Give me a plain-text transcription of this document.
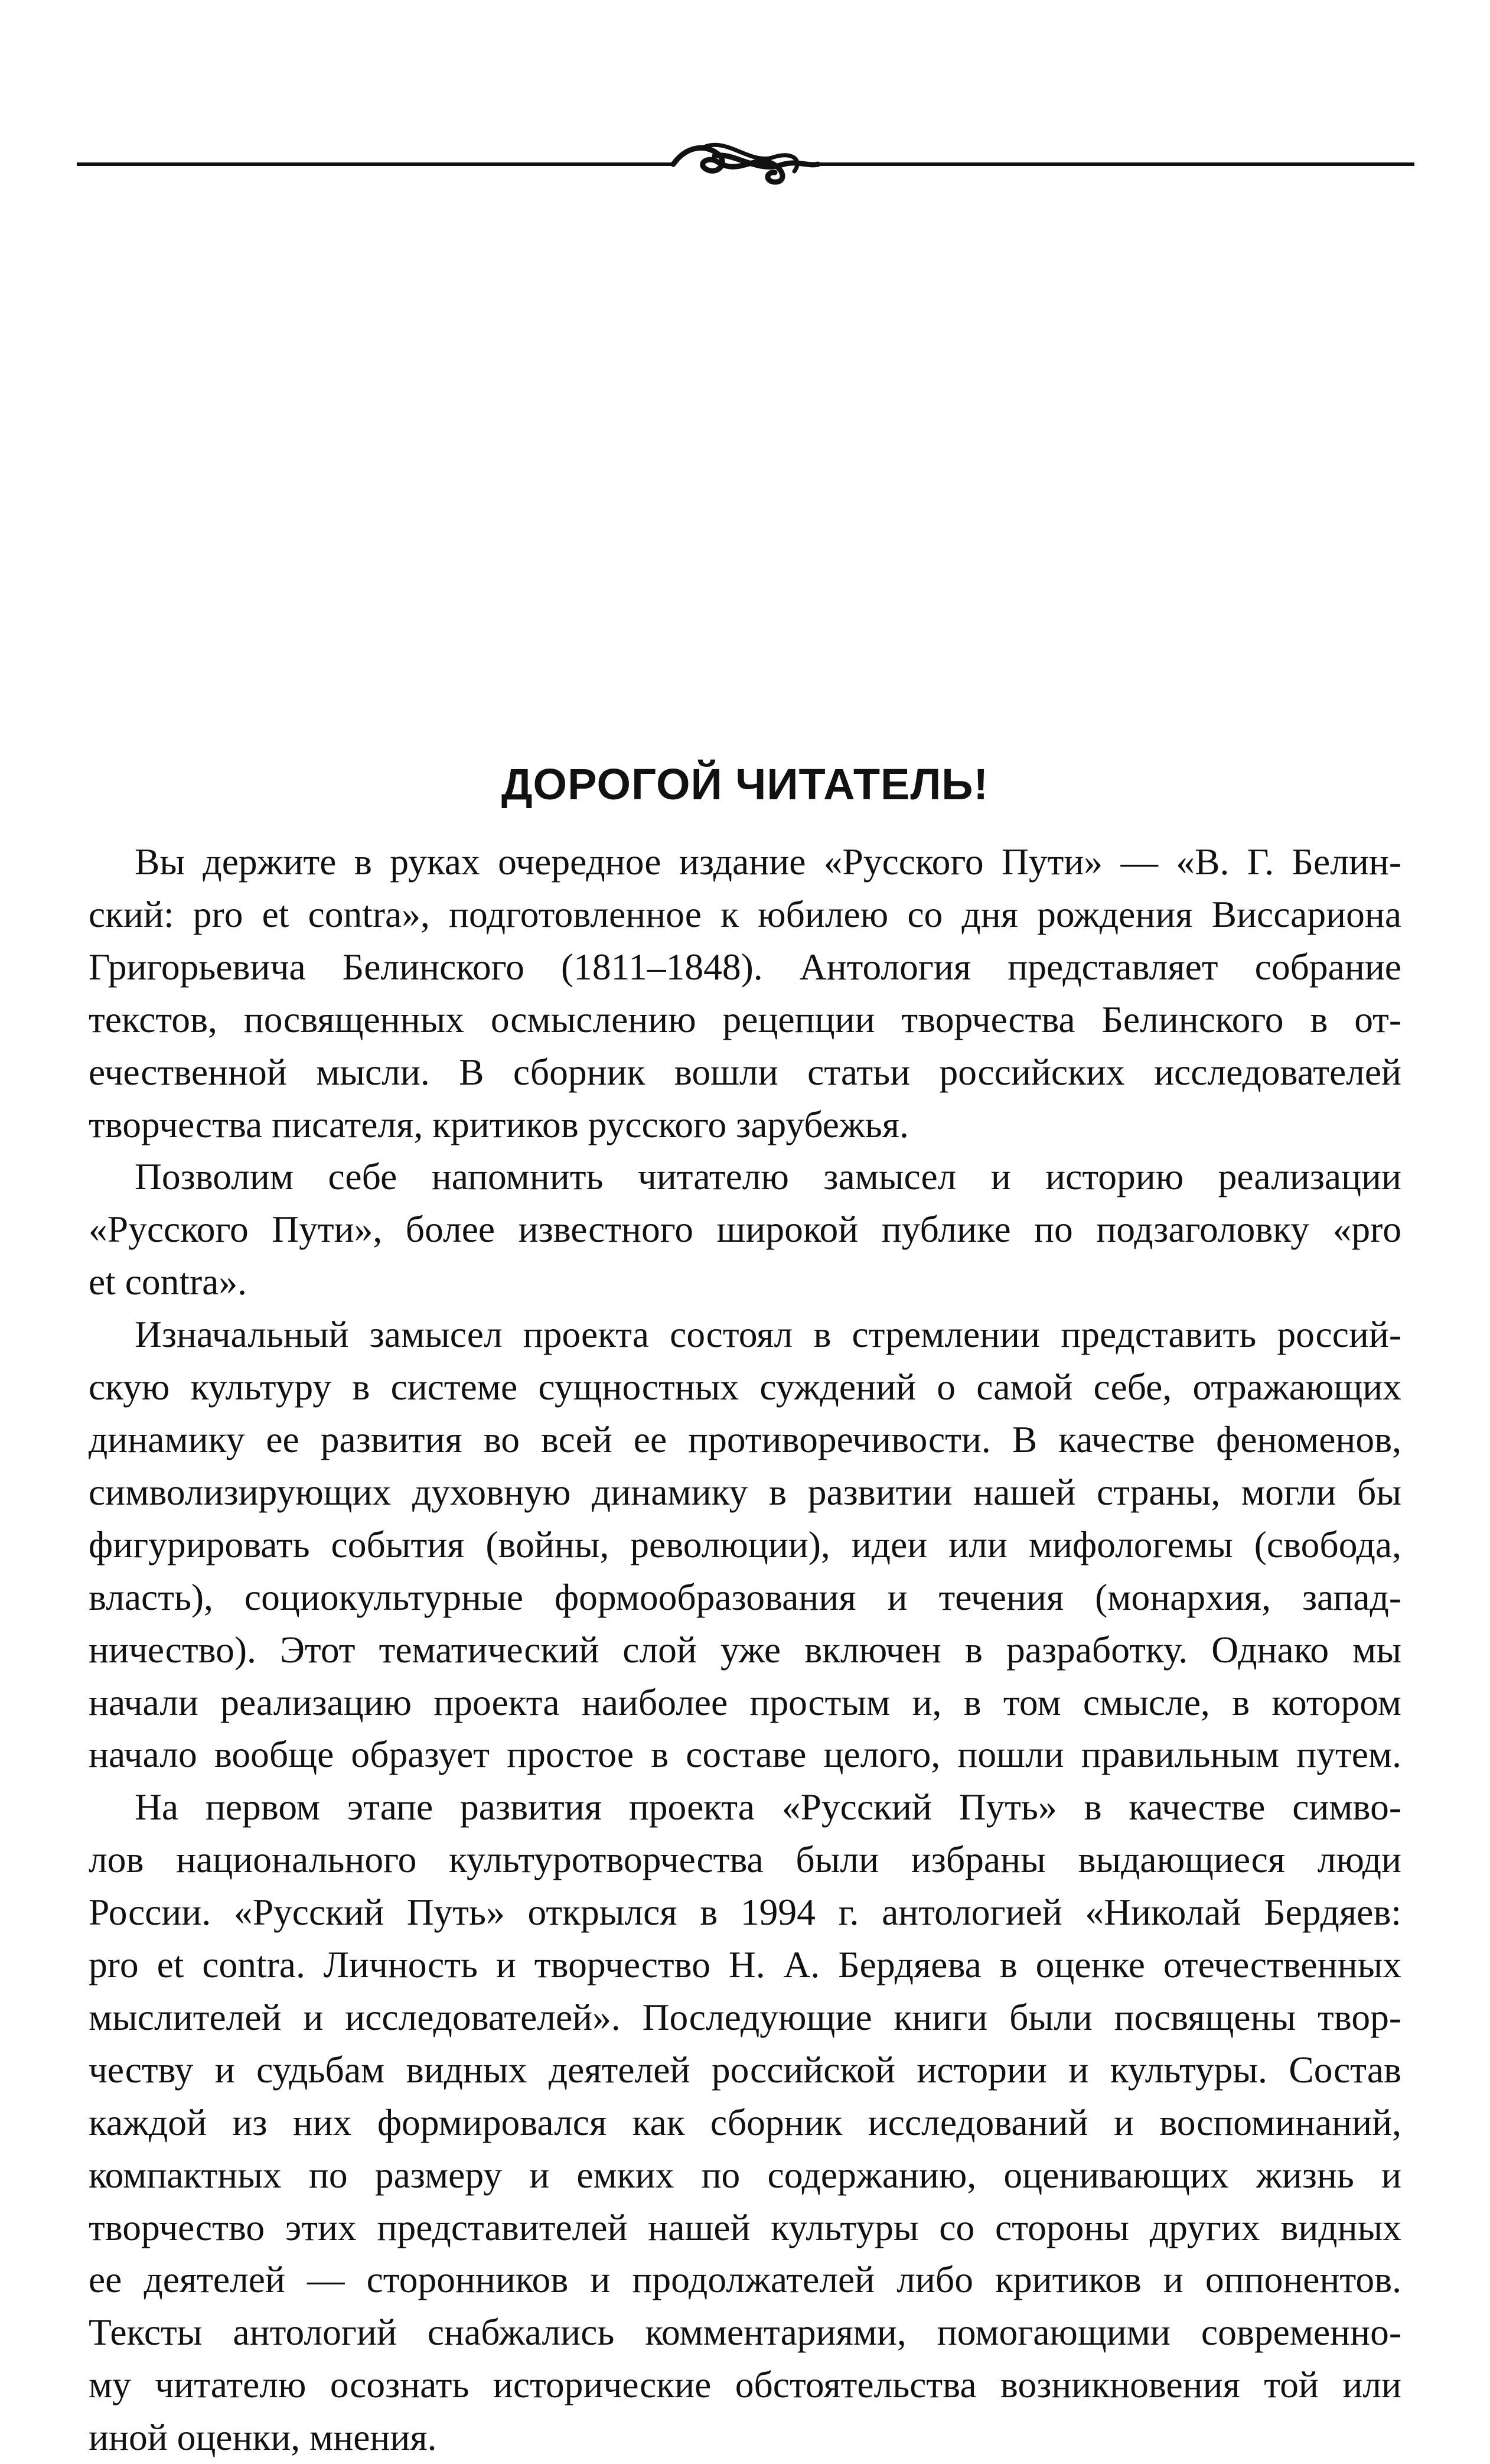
ДОРОГОЙ ЧИТАТЕЛЬ!
Вы держите в руках очередное издание «Русского Пути» — «В. Г. Белин-
ский: pro et contra», подготовленное к юбилею со дня рождения Виссариона
Григорьевича Белинского (1811–1848). Антология представляет собрание
текстов, посвященных осмыслению рецепции творчества Белинского в от-
ечественной мысли. В сборник вошли статьи российских исследователей
творчества писателя, критиков русского зарубежья.
Позволим себе напомнить читателю замысел и историю реализации
«Русского Пути», более известного широкой публике по подзаголовку «pro
et contra».
Изначальный замысел проекта состоял в стремлении представить россий-
скую культуру в системе сущностных суждений о самой себе, отражающих
динамику ее развития во всей ее противоречивости. В качестве феноменов,
символизирующих духовную динамику в развитии нашей страны, могли бы
фигурировать события (войны, революции), идеи или мифологемы (свобода,
власть), социокультурные формообразования и течения (монархия, запад-
ничество). Этот тематический слой уже включен в разработку. Однако мы
начали реализацию проекта наиболее простым и, в том смысле, в котором
начало вообще образует простое в составе целого, пошли правильным путем.
На первом этапе развития проекта «Русский Путь» в качестве симво-
лов национального культуротворчества были избраны выдающиеся люди
России. «Русский Путь» открылся в 1994 г. антологией «Николай Бердяев:
pro et contra. Личность и творчество Н. А. Бердяева в оценке отечественных
мыслителей и исследователей». Последующие книги были посвящены твор-
честву и судьбам видных деятелей российской истории и культуры. Состав
каждой из них формировался как сборник исследований и воспоминаний,
компактных по размеру и емких по содержанию, оценивающих жизнь и
творчество этих представителей нашей культуры со стороны других видных
ее деятелей — сторонников и продолжателей либо критиков и оппонентов.
Тексты антологий снабжались комментариями, помогающими современно-
му читателю осознать исторические обстоятельства возникновения той или
иной оценки, мнения.
